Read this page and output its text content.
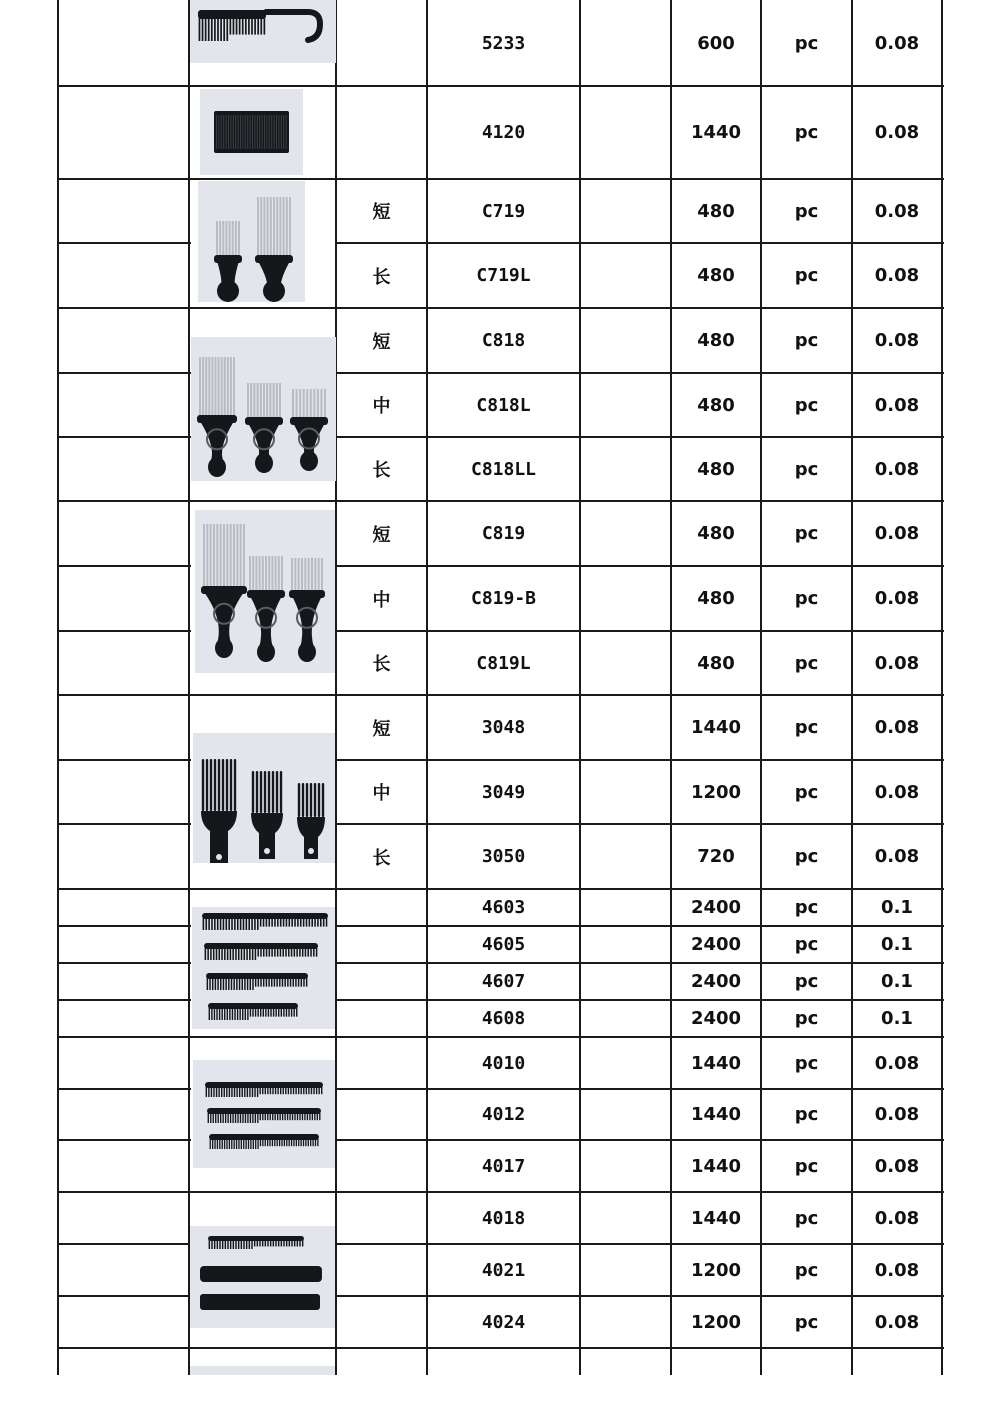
5233	600	pc	0.08
4120	1440	pc	0.08
短	C719	480	pc	0.08
长	C719L	480	pc	0.08
短	C818	480	pc	0.08
中	C818L	480	pc	0.08
长	C818LL	480	pc	0.08
短	C819	480	pc	0.08
中	C819-B	480	pc	0.08
长	C819L	480	pc	0.08
短	3048	1440	pc	0.08
中	3049	1200	pc	0.08
长	3050	720	pc	0.08
4603	2400	pc	0.1
4605	2400	pc	0.1
4607	2400	pc	0.1
4608	2400	pc	0.1
4010	1440	pc	0.08
4012	1440	pc	0.08
4017	1440	pc	0.08
4018	1440	pc	0.08
4021	1200	pc	0.08
4024	1200	pc	0.08
